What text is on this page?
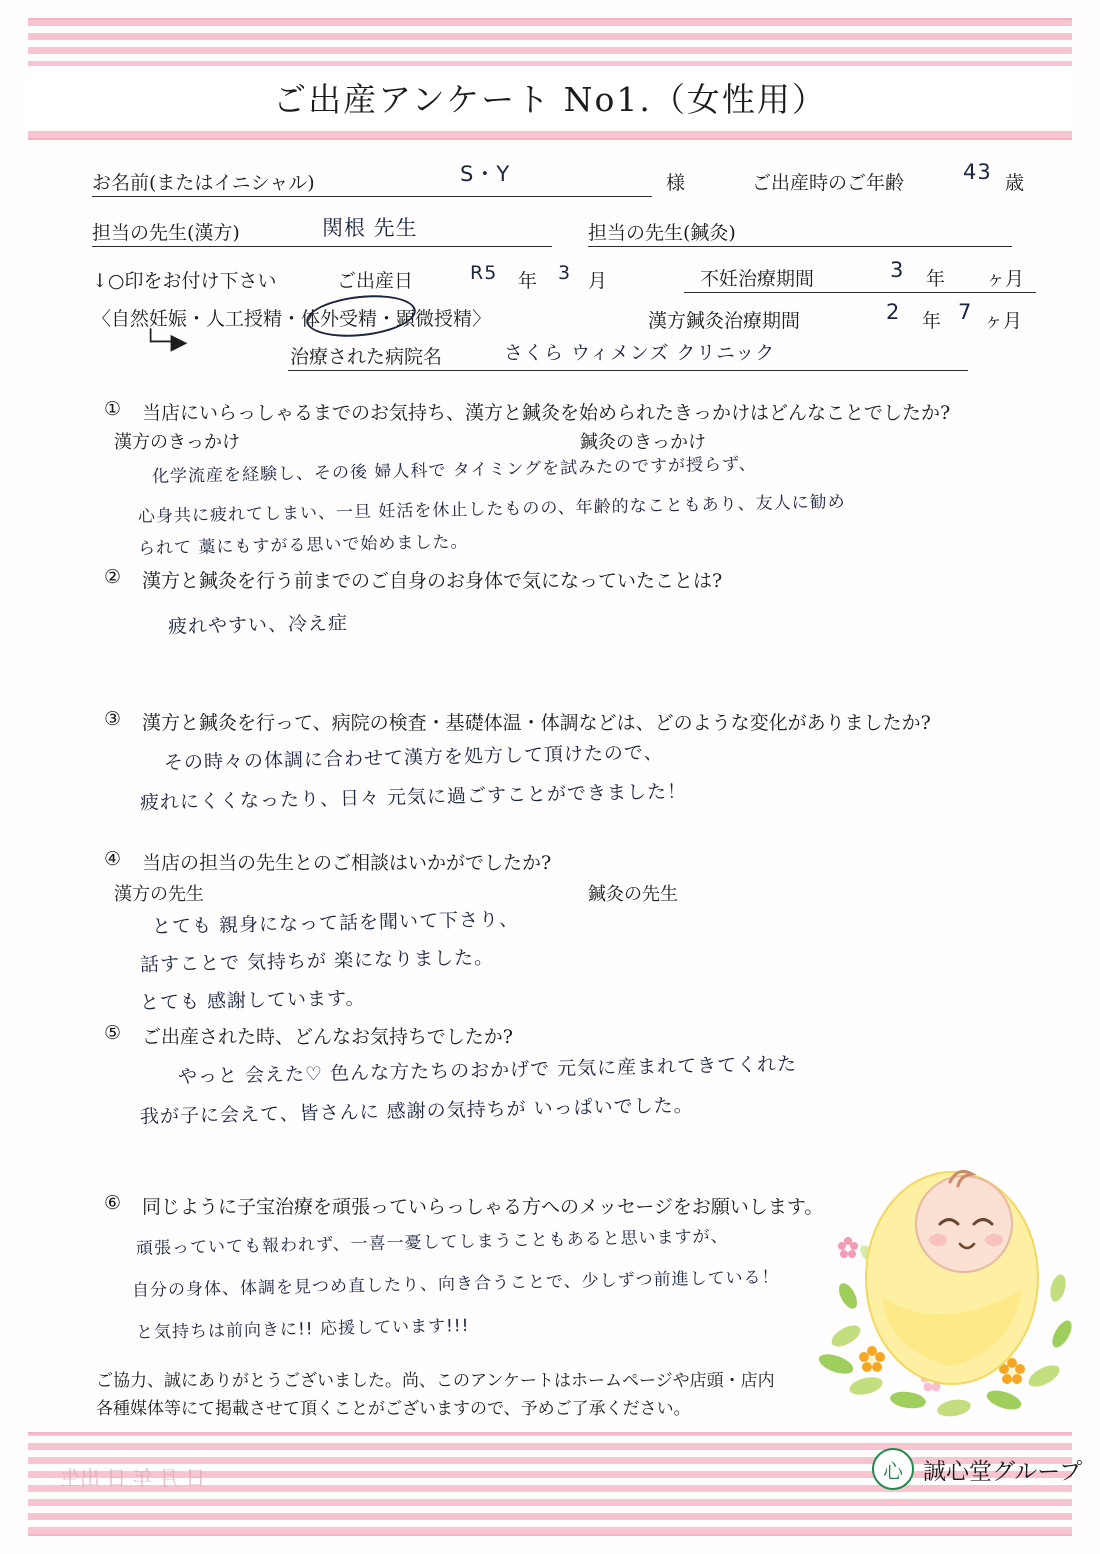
ご出産アンケート No1.（女性用）
お名前(またはイニシャル)	S・Y	様	ご出産時のご年齢	43 歳
担当の先生(漢方)	関根 先生	担当の先生(鍼灸)
↓○印をお付け下さい	ご出産日	R5 年 3 月	不妊治療期間	3 年 ヶ月
〈自然妊娠・人工授精・体外受精・顕微授精〉	漢方鍼灸治療期間	2 年 7 ヶ月
└─▶
治療された病院名	さくら ウィメンズ クリニック
① 当店にいらっしゃるまでのお気持ち、漢方と鍼灸を始められたきっかけはどんなことでしたか?
漢方のきっかけ	鍼灸のきっかけ
化学流産を経験し、その後 婦人科で タイミングを試みたのですが授らず、
心身共に疲れてしまい、一旦 妊活を休止したものの、年齢的なこともあり、友人に勧め
られて 藁にもすがる思いで始めました。
② 漢方と鍼灸を行う前までのご自身のお身体で気になっていたことは?
疲れやすい、冷え症
③ 漢方と鍼灸を行って、病院の検査・基礎体温・体調などは、どのような変化がありましたか?
その時々の体調に合わせて漢方を処方して頂けたので、
疲れにくくなったり、日々 元気に過ごすことができました！
④ 当店の担当の先生とのご相談はいかがでしたか?
漢方の先生	鍼灸の先生
とても 親身になって話を聞いて下さり、
話すことで 気持ちが 楽になりました。
とても 感謝しています。
⑤ ご出産された時、どんなお気持ちでしたか?
やっと 会えた♡ 色んな方たちのおかげで 元気に産まれてきてくれた
我が子に会えて、皆さんに 感謝の気持ちが いっぱいでした。
⑥ 同じように子宝治療を頑張っていらっしゃる方へのメッセージをお願いします。
頑張っていても報われず、一喜一憂してしまうこともあると思いますが、
自分の身体、体調を見つめ直したり、向き合うことで、少しずつ前進している！
と気持ちは前向きに!! 応援しています!!!
ご協力、誠にありがとうございました。尚、このアンケートはホームページや店頭・店内
各種媒体等にて掲載させて頂くことがございますので、予めご了承ください。
日 月 年 日 出生	心 誠心堂グループ
